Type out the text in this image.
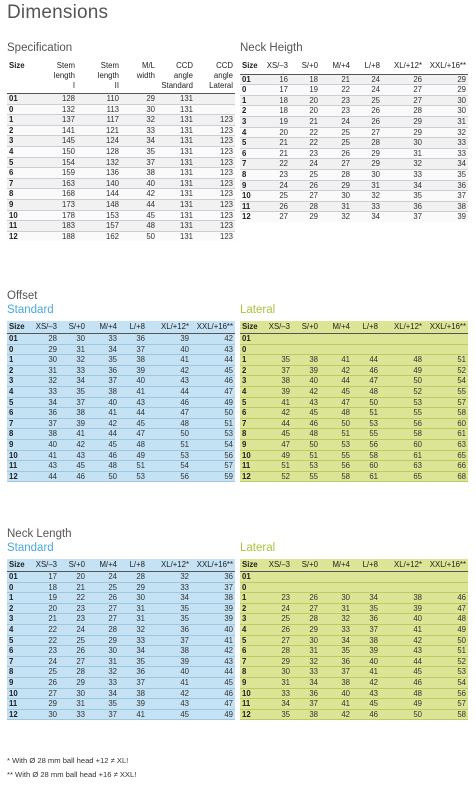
Dimensions
Specification
Size	Stem length I	Stem length II	M/L width	CCD angle Standard	CCD angle Lateral
01	128	110	29	131	
0	132	113	30	131	
1	137	117	32	131	123
2	141	121	33	131	123
3	145	124	34	131	123
4	150	128	35	131	123
5	154	132	37	131	123
6	159	136	38	131	123
7	163	140	40	131	123
8	168	144	42	131	123
9	173	148	44	131	123
10	178	153	45	131	123
11	183	157	48	131	123
12	188	162	50	131	123
Neck Heigth
Size	XS/–3	S/+0	M/+4	L/+8	XL/+12*	XXL/+16**
01	16	18	21	24	26	29
0	17	19	22	24	27	29
1	18	20	23	25	27	30
2	18	20	23	26	28	30
3	19	21	24	26	29	31
4	20	22	25	27	29	32
5	21	22	25	28	30	33
6	21	23	26	29	31	33
7	22	24	27	29	32	34
8	23	25	28	30	33	35
9	24	26	29	31	34	36
10	25	27	30	32	35	37
11	26	28	31	33	36	38
12	27	29	32	34	37	39
Offset
Standard
Size	XS/–3	S/+0	M/+4	L/+8	XL/+12*	XXL/+16**
01	28	30	33	36	39	42
0	29	31	34	37	40	43
1	30	32	35	38	41	44
2	31	33	36	39	42	45
3	32	34	37	40	43	46
4	33	35	38	41	44	47
5	34	37	40	43	46	49
6	36	38	41	44	47	50
7	37	39	42	45	48	51
8	38	41	44	47	50	53
9	40	42	45	48	51	54
10	41	43	46	49	53	56
11	43	45	48	51	54	57
12	44	46	50	53	56	59
Lateral
Size	XS/–3	S/+0	M/+4	L/+8	XL/+12*	XXL/+16**
01						
0						
1	35	38	41	44	48	51
2	37	39	42	46	49	52
3	38	40	44	47	50	54
4	39	42	45	48	52	55
5	41	43	47	50	53	57
6	42	45	48	51	55	58
7	44	46	50	53	56	60
8	45	48	51	55	58	61
9	47	50	53	56	60	63
10	49	51	55	58	61	65
11	51	53	56	60	63	66
12	52	55	58	61	65	68
Neck Length
Standard
Size	XS/–3	S/+0	M/+4	L/+8	XL/+12*	XXL/+16**
01	17	20	24	28	32	36
0	18	21	25	29	33	37
1	19	22	26	30	34	38
2	20	23	27	31	35	39
3	21	23	27	31	35	39
4	22	24	28	32	36	40
5	22	25	29	33	37	41
6	23	26	30	34	38	42
7	24	27	31	35	39	43
8	25	28	32	36	40	44
9	26	29	33	37	41	45
10	27	30	34	38	42	46
11	29	31	35	39	43	47
12	30	33	37	41	45	49
Lateral
Size	XS/–3	S/+0	M/+4	L/+8	XL/+12*	XXL/+16**
01						
0						
1	23	26	30	34	38	46
2	24	27	31	35	39	47
3	25	28	32	36	40	48
4	26	29	33	37	41	49
5	27	30	34	38	42	50
6	28	31	35	39	43	51
7	29	32	36	40	44	52
8	30	33	37	41	45	53
9	31	34	38	42	46	54
10	33	36	40	43	48	56
11	34	37	41	45	49	57
12	35	38	42	46	50	58
* With Ø 28 mm ball head +12 ≠ XL!
** With Ø 28 mm ball head +16 ≠ XXL!
